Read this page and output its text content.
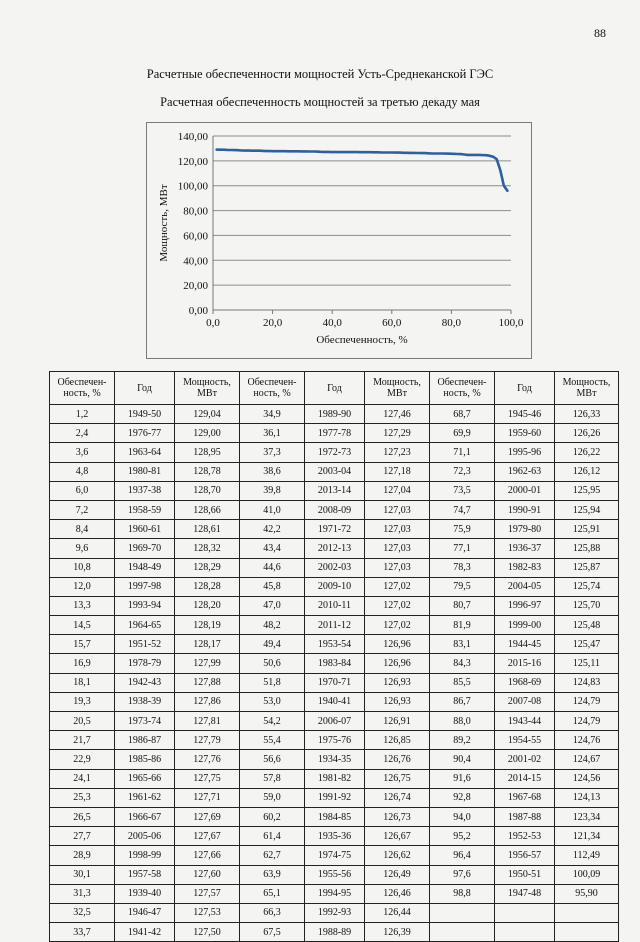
88
Расчетные обеспеченности мощностей Усть-Среднеканской ГЭС
Расчетная обеспеченность мощностей за третью декаду мая
0,00
20,00
40,00
60,00
80,00
100,00
120,00
140,00
0,0	20,0	40,0	60,0	80,0	100,0
Обеспеченность, %
Мощность, МВт
Обеспечен-ность, %	Год	Мощность, МВт	Обеспечен-ность, %	Год	Мощность, МВт	Обеспечен-ность, %	Год	Мощность, МВт
1,2	1949-50	129,04	34,9	1989-90	127,46	68,7	1945-46	126,33
2,4	1976-77	129,00	36,1	1977-78	127,29	69,9	1959-60	126,26
3,6	1963-64	128,95	37,3	1972-73	127,23	71,1	1995-96	126,22
4,8	1980-81	128,78	38,6	2003-04	127,18	72,3	1962-63	126,12
6,0	1937-38	128,70	39,8	2013-14	127,04	73,5	2000-01	125,95
7,2	1958-59	128,66	41,0	2008-09	127,03	74,7	1990-91	125,94
8,4	1960-61	128,61	42,2	1971-72	127,03	75,9	1979-80	125,91
9,6	1969-70	128,32	43,4	2012-13	127,03	77,1	1936-37	125,88
10,8	1948-49	128,29	44,6	2002-03	127,03	78,3	1982-83	125,87
12,0	1997-98	128,28	45,8	2009-10	127,02	79,5	2004-05	125,74
13,3	1993-94	128,20	47,0	2010-11	127,02	80,7	1996-97	125,70
14,5	1964-65	128,19	48,2	2011-12	127,02	81,9	1999-00	125,48
15,7	1951-52	128,17	49,4	1953-54	126,96	83,1	1944-45	125,47
16,9	1978-79	127,99	50,6	1983-84	126,96	84,3	2015-16	125,11
18,1	1942-43	127,88	51,8	1970-71	126,93	85,5	1968-69	124,83
19,3	1938-39	127,86	53,0	1940-41	126,93	86,7	2007-08	124,79
20,5	1973-74	127,81	54,2	2006-07	126,91	88,0	1943-44	124,79
21,7	1986-87	127,79	55,4	1975-76	126,85	89,2	1954-55	124,76
22,9	1985-86	127,76	56,6	1934-35	126,76	90,4	2001-02	124,67
24,1	1965-66	127,75	57,8	1981-82	126,75	91,6	2014-15	124,56
25,3	1961-62	127,71	59,0	1991-92	126,74	92,8	1967-68	124,13
26,5	1966-67	127,69	60,2	1984-85	126,73	94,0	1987-88	123,34
27,7	2005-06	127,67	61,4	1935-36	126,67	95,2	1952-53	121,34
28,9	1998-99	127,66	62,7	1974-75	126,62	96,4	1956-57	112,49
30,1	1957-58	127,60	63,9	1955-56	126,49	97,6	1950-51	100,09
31,3	1939-40	127,57	65,1	1994-95	126,46	98,8	1947-48	95,90
32,5	1946-47	127,53	66,3	1992-93	126,44			
33,7	1941-42	127,50	67,5	1988-89	126,39			
